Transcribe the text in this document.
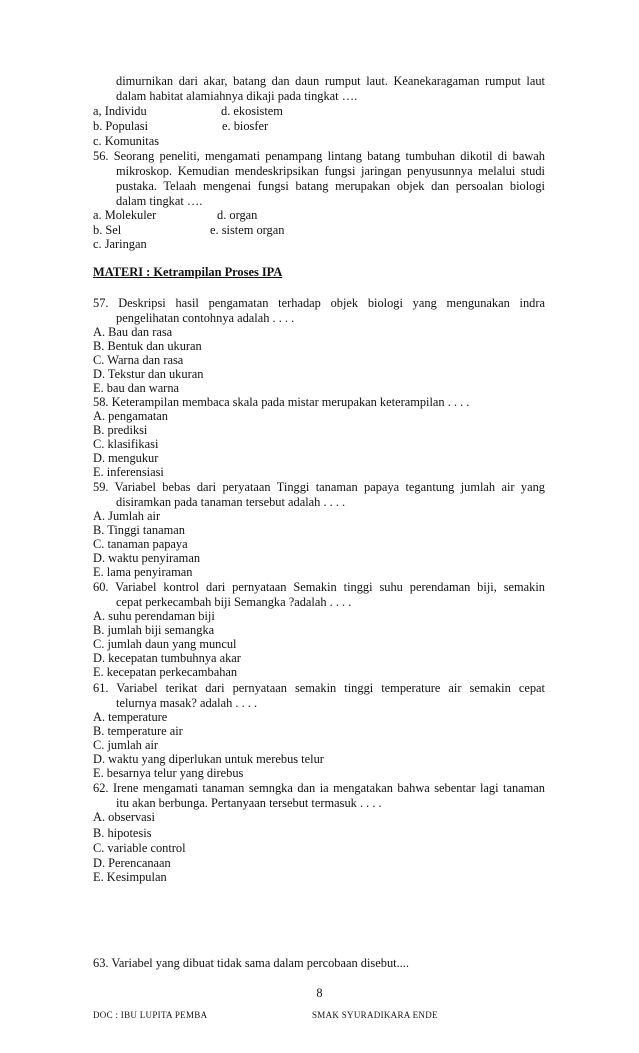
dimurnikan dari akar, batang dan daun rumput laut. Keanekaragaman rumput laut
dalam habitat alamiahnya dikaji pada tingkat ….
a, Individu	d. ekosistem
b. Populasi	e. biosfer
c. Komunitas
56. Seorang peneliti, mengamati penampang lintang batang tumbuhan dikotil di bawah
mikroskop. Kemudian mendeskripsikan fungsi jaringan penyusunnya melalui studi
pustaka. Telaah mengenai fungsi batang merupakan objek dan persoalan biologi
dalam tingkat ….
a. Molekuler	d. organ
b. Sel	e. sistem organ
c. Jaringan
MATERI : Ketrampilan Proses IPA
57. Deskripsi hasil pengamatan terhadap objek biologi yang mengunakan indra
pengelihatan contohnya adalah . . . .
A. Bau dan rasa
B. Bentuk dan ukuran
C. Warna dan rasa
D. Tekstur dan ukuran
E. bau dan warna
58. Keterampilan membaca skala pada mistar merupakan keterampilan . . . .
A. pengamatan
B. prediksi
C. klasifikasi
D. mengukur
E. inferensiasi
59. Variabel bebas dari peryataan Tinggi tanaman papaya tegantung jumlah air yang
disiramkan pada tanaman tersebut adalah . . . .
A. Jumlah air
B. Tinggi tanaman
C. tanaman papaya
D. waktu penyiraman
E. lama penyiraman
60. Variabel kontrol dari pernyataan Semakin tinggi suhu perendaman biji, semakin
cepat perkecambah biji Semangka ?adalah . . . .
A. suhu perendaman biji
B. jumlah biji semangka
C. jumlah daun yang muncul
D. kecepatan tumbuhnya akar
E. kecepatan perkecambahan
61. Variabel terikat dari pernyataan semakin tinggi temperature air semakin cepat
telurnya masak? adalah . . . .
A. temperature
B. temperature air
C. jumlah air
D. waktu yang diperlukan untuk merebus telur
E. besarnya telur yang direbus
62. Irene mengamati tanaman semngka dan ia mengatakan bahwa sebentar lagi tanaman
itu akan berbunga. Pertanyaan tersebut termasuk . . . .
A. observasi
B. hipotesis
C. variable control
D. Perencanaan
E. Kesimpulan
63. Variabel yang dibuat tidak sama dalam percobaan disebut....
8
DOC : IBU LUPITA PEMBA	SMAK SYURADIKARA ENDE
